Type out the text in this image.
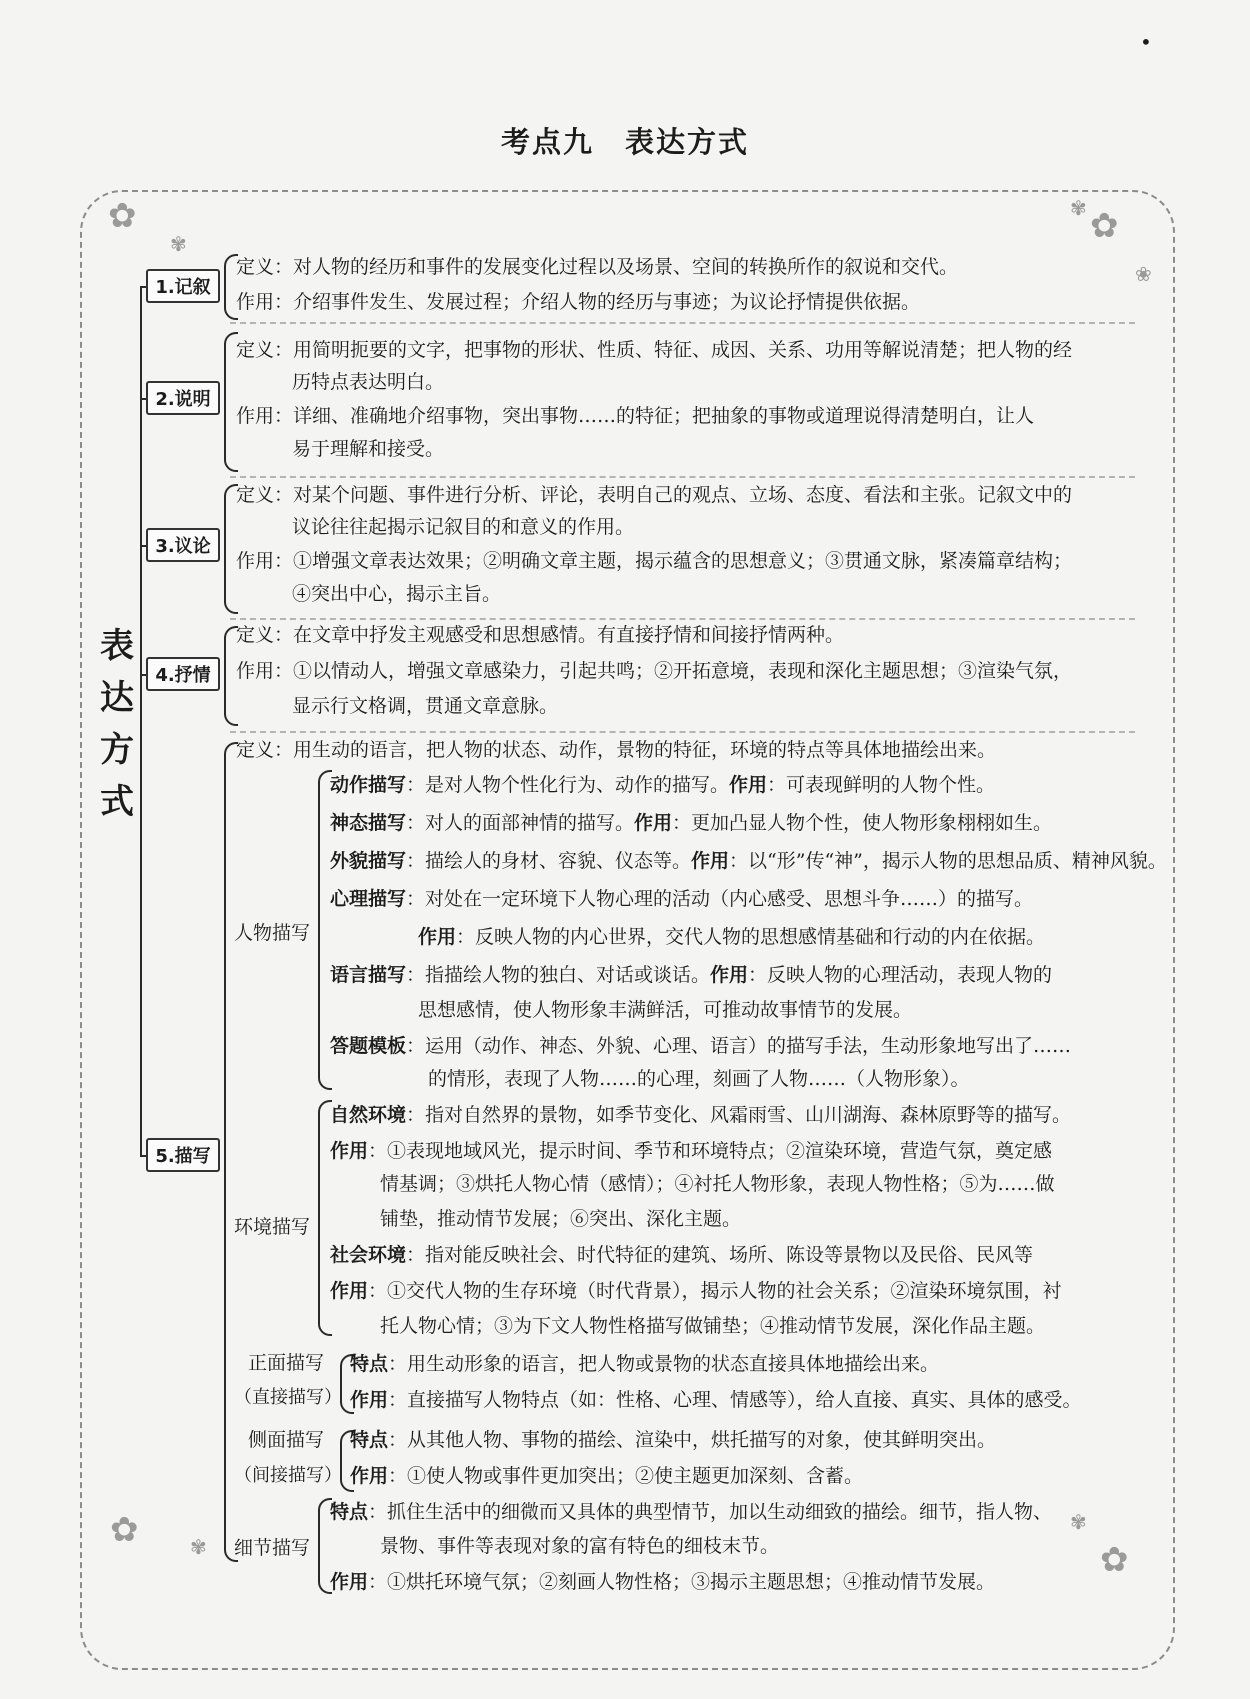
•
考点九　表达方式
✿
✾	✿
✾
❀
✿	✾	✿
✾
表达方式
1.记叙
定义：对人物的经历和事件的发展变化过程以及场景、空间的转换所作的叙说和交代。
作用：介绍事件发生、发展过程；介绍人物的经历与事迹；为议论抒情提供依据。
2.说明
定义：用简明扼要的文字，把事物的形状、性质、特征、成因、关系、功用等解说清楚；把人物的经
历特点表达明白。
作用：详细、准确地介绍事物，突出事物……的特征；把抽象的事物或道理说得清楚明白，让人
易于理解和接受。
3.议论
定义：对某个问题、事件进行分析、评论，表明自己的观点、立场、态度、看法和主张。记叙文中的
议论往往起揭示记叙目的和意义的作用。
作用：①增强文章表达效果；②明确文章主题，揭示蕴含的思想意义；③贯通文脉，紧凑篇章结构；
④突出中心，揭示主旨。
4.抒情
定义：在文章中抒发主观感受和思想感情。有直接抒情和间接抒情两种。
作用：①以情动人，增强文章感染力，引起共鸣；②开拓意境，表现和深化主题思想；③渲染气氛，
显示行文格调，贯通文章意脉。
5.描写
定义：用生动的语言，把人物的状态、动作，景物的特征，环境的特点等具体地描绘出来。
人物描写
动作描写：是对人物个性化行为、动作的描写。作用：可表现鲜明的人物个性。
神态描写：对人的面部神情的描写。作用：更加凸显人物个性，使人物形象栩栩如生。
外貌描写：描绘人的身材、容貌、仪态等。作用：以“形”传“神”，揭示人物的思想品质、精神风貌。
心理描写：对处在一定环境下人物心理的活动（内心感受、思想斗争……）的描写。
作用：反映人物的内心世界，交代人物的思想感情基础和行动的内在依据。
语言描写：指描绘人物的独白、对话或谈话。作用：反映人物的心理活动，表现人物的
思想感情，使人物形象丰满鲜活，可推动故事情节的发展。
答题模板：运用（动作、神态、外貌、心理、语言）的描写手法，生动形象地写出了……
的情形，表现了人物……的心理，刻画了人物……（人物形象）。
环境描写
自然环境：指对自然界的景物，如季节变化、风霜雨雪、山川湖海、森林原野等的描写。
作用：①表现地域风光，提示时间、季节和环境特点；②渲染环境，营造气氛，奠定感
情基调；③烘托人物心情（感情）；④衬托人物形象，表现人物性格；⑤为……做
铺垫，推动情节发展；⑥突出、深化主题。
社会环境：指对能反映社会、时代特征的建筑、场所、陈设等景物以及民俗、民风等
作用：①交代人物的生存环境（时代背景），揭示人物的社会关系；②渲染环境氛围，衬
托人物心情；③为下文人物性格描写做铺垫；④推动情节发展，深化作品主题。
正面描写
（直接描写）
特点：用生动形象的语言，把人物或景物的状态直接具体地描绘出来。
作用：直接描写人物特点（如：性格、心理、情感等），给人直接、真实、具体的感受。
侧面描写
（间接描写）
特点：从其他人物、事物的描绘、渲染中，烘托描写的对象，使其鲜明突出。
作用：①使人物或事件更加突出；②使主题更加深刻、含蓄。
细节描写
特点：抓住生活中的细微而又具体的典型情节，加以生动细致的描绘。细节，指人物、
景物、事件等表现对象的富有特色的细枝末节。
作用：①烘托环境气氛；②刻画人物性格；③揭示主题思想；④推动情节发展。
